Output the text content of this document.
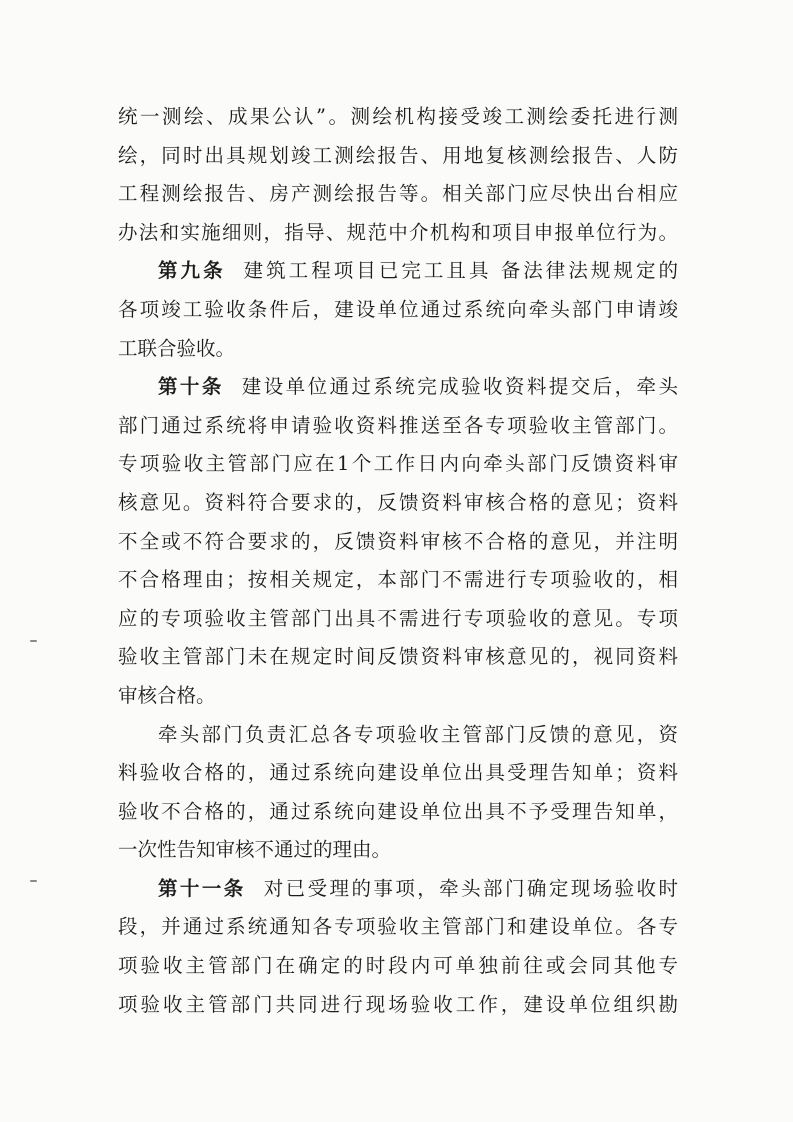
统一测绘、成果公认”。测绘机构接受竣工测绘委托进行测
绘，同时出具规划竣工测绘报告、用地复核测绘报告、人防
工程测绘报告、房产测绘报告等。相关部门应尽快出台相应
办法和实施细则，指导、规范中介机构和项目申报单位行为。
第九条 建筑工程项目已完工且具 备法律法规规定的
各项竣工验收条件后，建设单位通过系统向牵头部门申请竣
工联合验收。
第十条 建设单位通过系统完成验收资料提交后，牵头
部门通过系统将申请验收资料推送至各专项验收主管部门。
专项验收主管部门应在1个工作日内向牵头部门反馈资料审
核意见。资料符合要求的，反馈资料审核合格的意见；资料
不全或不符合要求的，反馈资料审核不合格的意见，并注明
不合格理由；按相关规定，本部门不需进行专项验收的，相
应的专项验收主管部门出具不需进行专项验收的意见。专项
验收主管部门未在规定时间反馈资料审核意见的，视同资料
审核合格。
牵头部门负责汇总各专项验收主管部门反馈的意见，资
料验收合格的，通过系统向建设单位出具受理告知单；资料
验收不合格的，通过系统向建设单位出具不予受理告知单，
一次性告知审核不通过的理由。
第十一条 对已受理的事项，牵头部门确定现场验收时
段，并通过系统通知各专项验收主管部门和建设单位。各专
项验收主管部门在确定的时段内可单独前往或会同其他专
项验收主管部门共同进行现场验收工作，建设单位组织勘
